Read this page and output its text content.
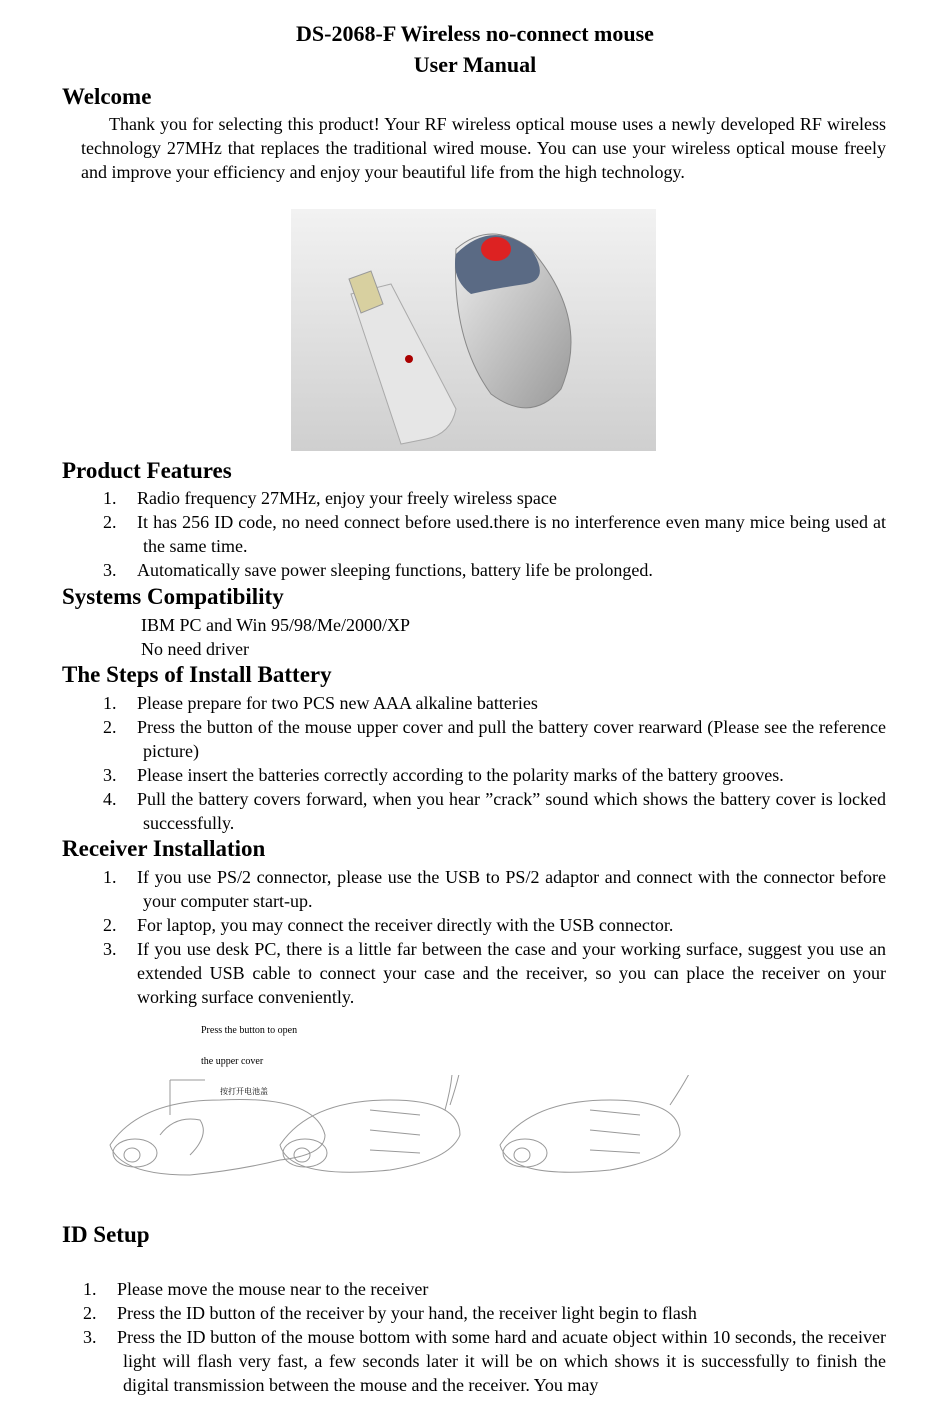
DS-2068-F Wireless no-connect mouse
User Manual
Welcome
Thank you for selecting this product! Your RF wireless optical mouse uses a newly developed RF wireless technology 27MHz that replaces the traditional wired mouse. You can use your wireless optical mouse freely and improve your efficiency and enjoy your beautiful life from the high technology.
Product Features
1. Radio frequency 27MHz, enjoy your freely wireless space
2. It has 256 ID code, no need connect before used.there is no interference even many mice being used at the same time.
3. Automatically save power sleeping functions, battery life be prolonged.
Systems Compatibility
IBM PC and Win 95/98/Me/2000/XP
No need driver
The Steps of Install Battery
1. Please prepare for two PCS new AAA alkaline batteries
2. Press the button of the mouse upper cover and pull the battery cover rearward (Please see the reference picture)
3. Please insert the batteries correctly according to the polarity marks of the battery grooves.
4. Pull the battery covers forward, when you hear ”crack” sound which shows the battery cover is locked successfully.
Receiver Installation
1. If you use PS/2 connector, please use the USB to PS/2 adaptor and connect with the connector before your computer start-up.
2. For laptop, you may connect the receiver directly with the USB connector.
3. If you use desk PC, there is a little far between the case and your working surface, suggest you use an extended USB cable to connect your case and the receiver, so you can place the receiver on your working surface conveniently.
Press the button to open
the upper cover
按打开电池盖
ID Setup
1. Please move the mouse near to the receiver
2. Press the ID button of the receiver by your hand, the receiver light begin to flash
3. Press the ID button of the mouse bottom with some hard and acuate object within 10 seconds, the receiver light will flash very fast, a few seconds later it will be on which shows it is successfully to finish the digital transmission between the mouse and the receiver. You may
